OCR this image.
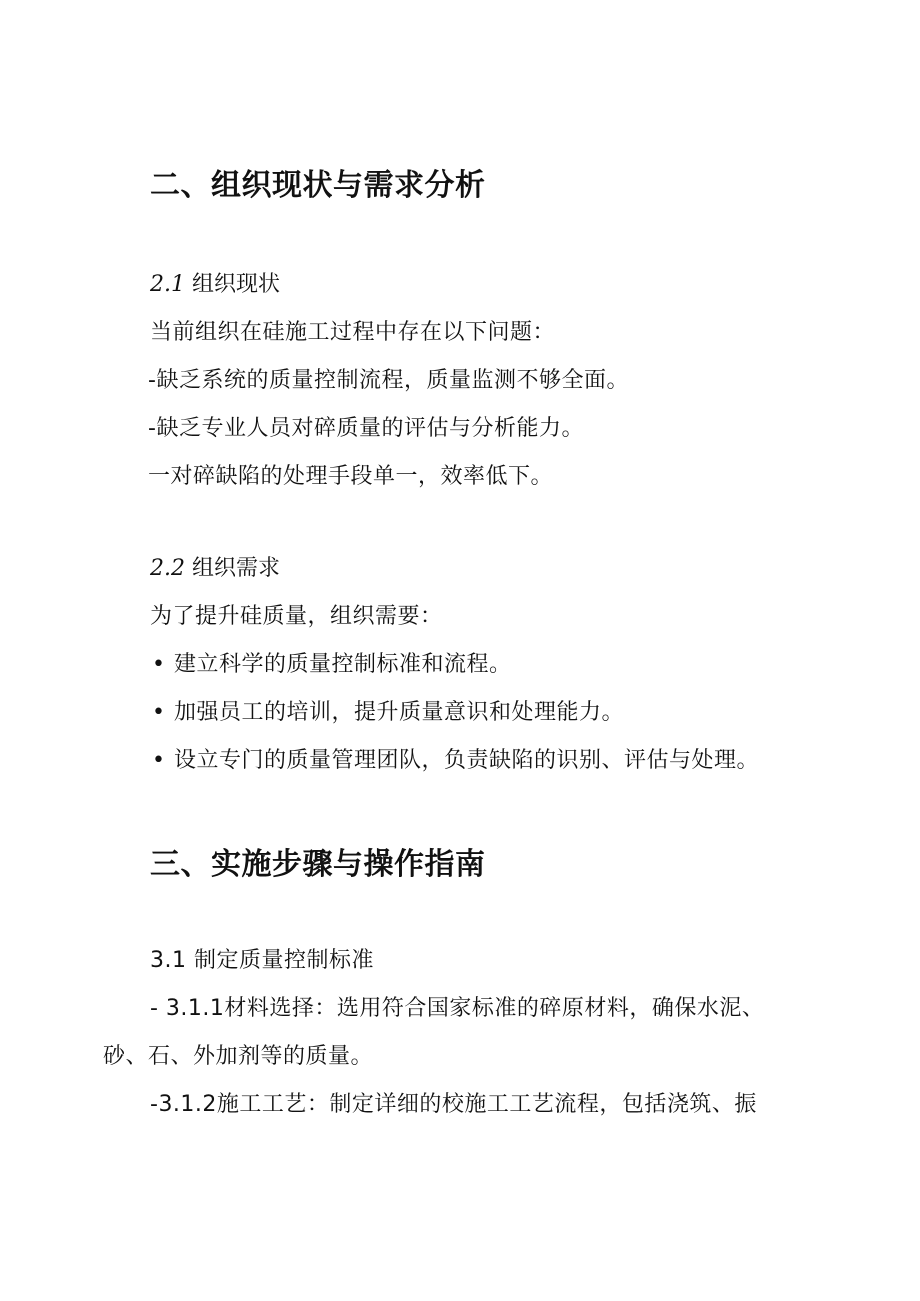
二、组织现状与需求分析
2.1 组织现状
当前组织在硅施工过程中存在以下问题：
-缺乏系统的质量控制流程，质量监测不够全面。
-缺乏专业人员对碎质量的评估与分析能力。
一对碎缺陷的处理手段单一，效率低下。
2.2 组织需求
为了提升硅质量，组织需要：
• 建立科学的质量控制标准和流程。
• 加强员工的培训，提升质量意识和处理能力。
• 设立专门的质量管理团队，负责缺陷的识别、评估与处理。
三、实施步骤与操作指南
3.1 制定质量控制标准
- 3.1.1材料选择：选用符合国家标准的碎原材料，确保水泥、
砂、石、外加剂等的质量。
-3.1.2施工工艺：制定详细的校施工工艺流程，包括浇筑、振
